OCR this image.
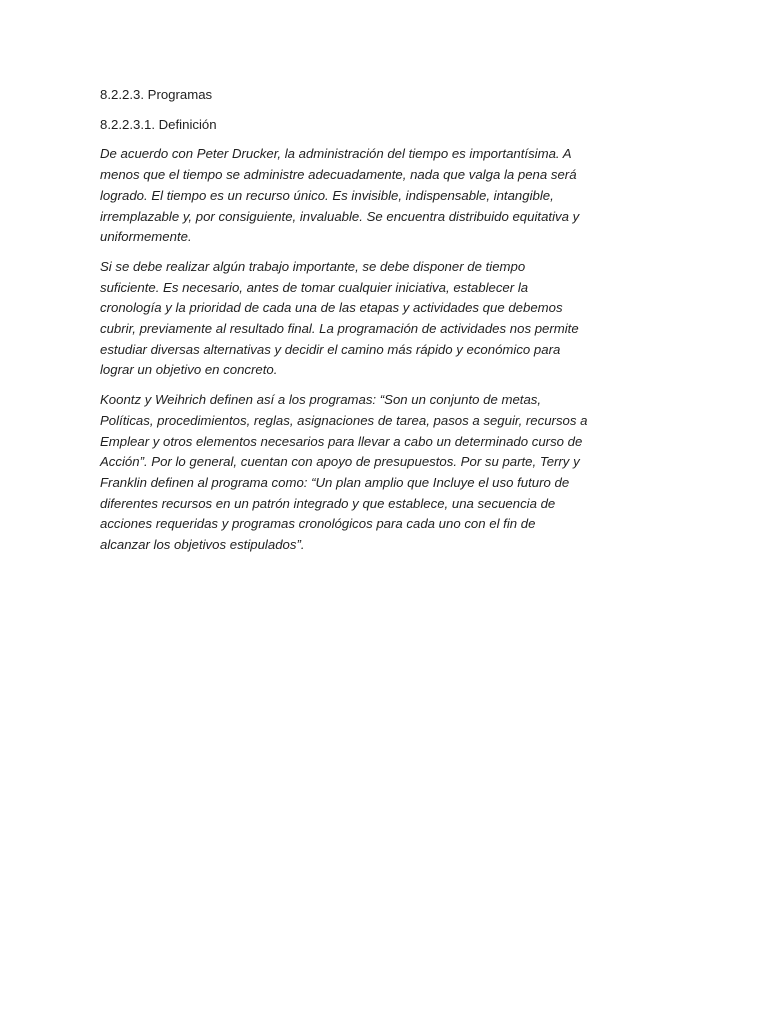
8.2.2.3. Programas

8.2.2.3.1. Definición

De acuerdo con Peter Drucker, la administración del tiempo es importantísima. A
menos que el tiempo se administre adecuadamente, nada que valga la pena será
logrado. El tiempo es un recurso único. Es invisible, indispensable, intangible,
irremplazable y, por consiguiente, invaluable. Se encuentra distribuido equitativa y
uniformemente.

Si se debe realizar algún trabajo importante, se debe disponer de tiempo
suficiente. Es necesario, antes de tomar cualquier iniciativa, establecer la
cronología y la prioridad de cada una de las etapas y actividades que debemos
cubrir, previamente al resultado final. La programación de actividades nos permite
estudiar diversas alternativas y decidir el camino más rápido y económico para
lograr un objetivo en concreto.

Koontz y Weihrich definen así a los programas: “Son un conjunto de metas,
Políticas, procedimientos, reglas, asignaciones de tarea, pasos a seguir, recursos a
Emplear y otros elementos necesarios para llevar a cabo un determinado curso de
Acción”. Por lo general, cuentan con apoyo de presupuestos. Por su parte, Terry y
Franklin definen al programa como: “Un plan amplio que Incluye el uso futuro de
diferentes recursos en un patrón integrado y que establece, una secuencia de
acciones requeridas y programas cronológicos para cada uno con el fin de
alcanzar los objetivos estipulados”.
